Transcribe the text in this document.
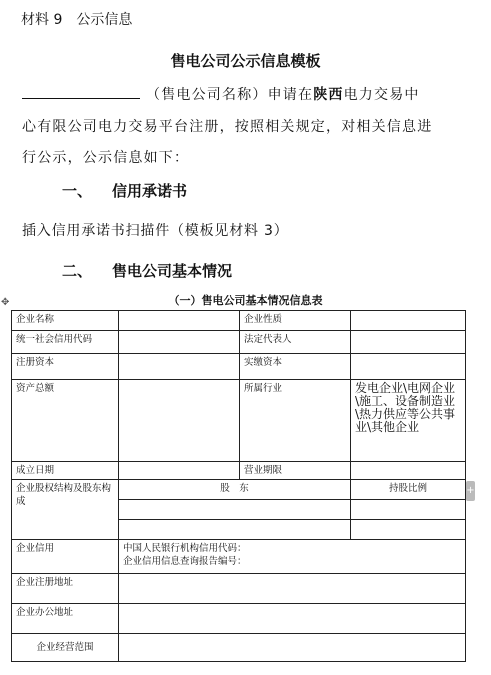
材料 9　公示信息
售电公司公示信息模板
（售电公司名称）申请在陕西电力交易中
心有限公司电力交易平台注册，按照相关规定，对相关信息进
行公示，公示信息如下：
一、 信用承诺书
插入信用承诺书扫描件（模板见材料 3）
二、 售电公司基本情况
（一）售电公司基本情况信息表
✥
+
企业名称		企业性质	
统一社会信用代码		法定代表人	
注册资本		实缴资本	
资产总额		所属行业	发电企业\电网企业\施工、设备制造业\热力供应等公共事业\其他企业
成立日期		营业期限	
企业股权结构及股东构成	股　东		持股比例

企业信用	中国人民银行机构信用代码：
企业信用信息查询报告编号：		

企业注册地址			
企业办公地址			
企业经营范围			
